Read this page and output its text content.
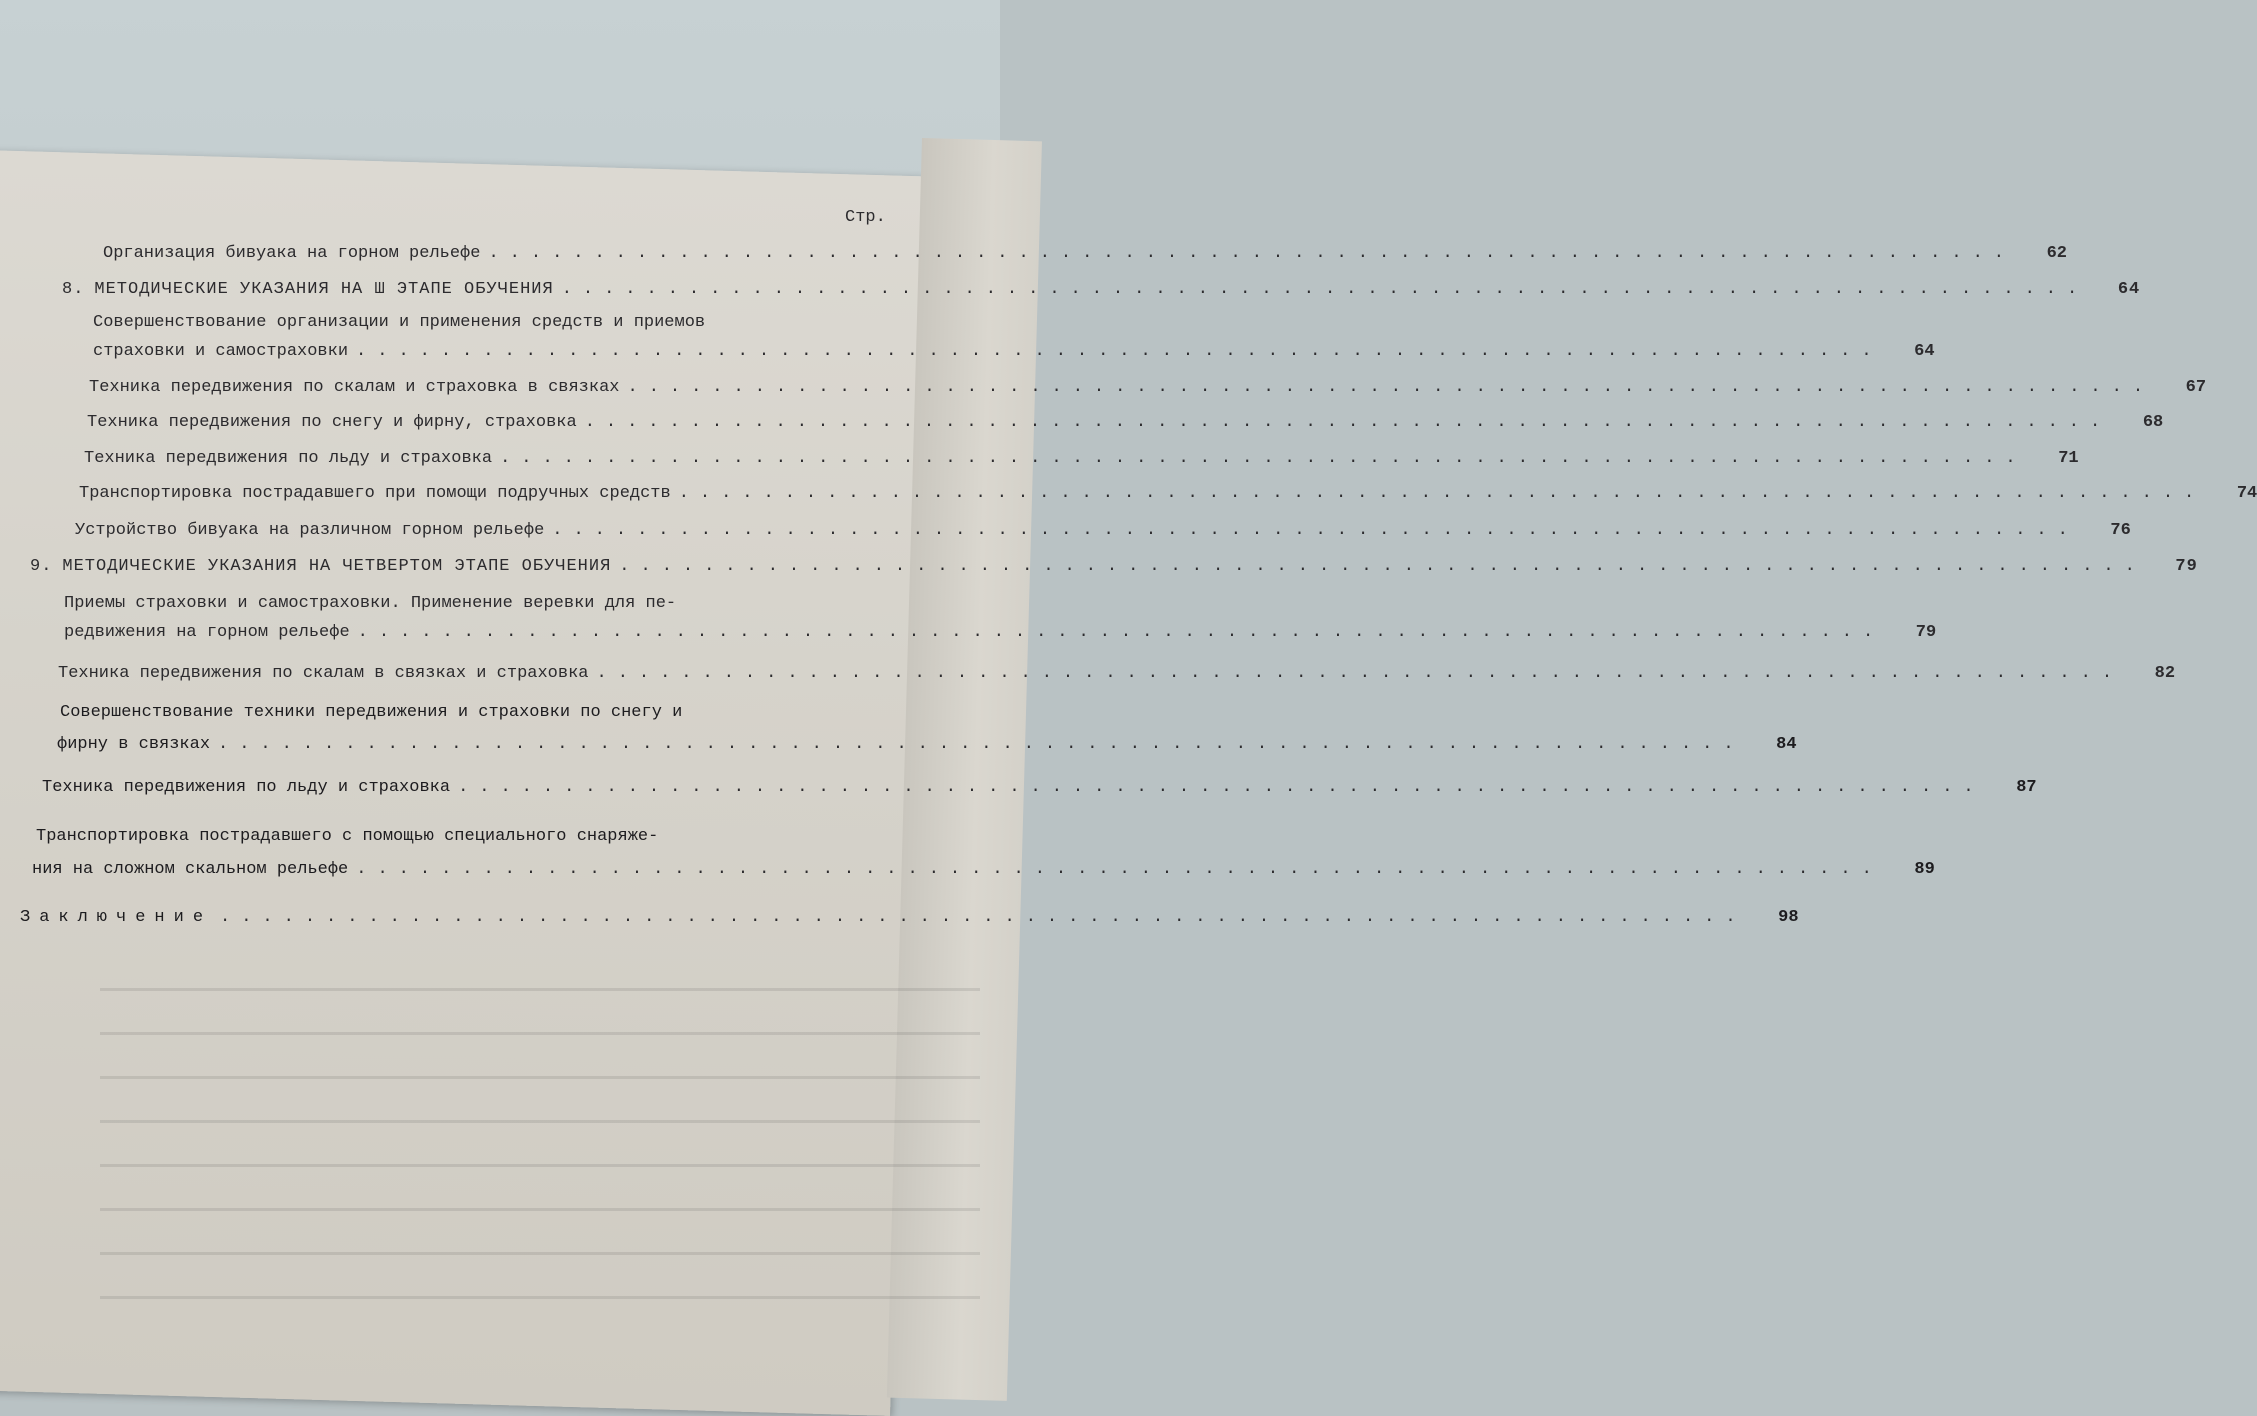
Стр.
Организация бивуака на горном рельефе ........................................................................	62
8. МЕТОДИЧЕСКИЕ УКАЗАНИЯ НА Ш ЭТАПЕ ОБУЧЕНИЯ ........................................................................	64
Совершенствование организации и применения средств и приемов
страховки и самостраховки ........................................................................	64
Техника передвижения по скалам и страховка в связках ........................................................................	67
Техника передвижения по снегу и фирну, страховка ........................................................................	68
Техника передвижения по льду и страховка ........................................................................	71
Транспортировка пострадавшего при помощи подручных средств ........................................................................	74
Устройство бивуака на различном горном рельефе ........................................................................	76
9. МЕТОДИЧЕСКИЕ УКАЗАНИЯ НА ЧЕТВЕРТОМ ЭТАПЕ ОБУЧЕНИЯ ........................................................................	79
Приемы страховки и самостраховки. Применение веревки для пе-
редвижения на горном рельефе ........................................................................	79
Техника передвижения по скалам в связках и страховка ........................................................................	82
Совершенствование техники передвижения и страховки по снегу и
фирну в связках ........................................................................	84
Техника передвижения по льду и страховка ........................................................................	87
Транспортировка пострадавшего с помощью специального снаряже-
ния на сложном скальном рельефе ........................................................................	89
Заключение ........................................................................	98
